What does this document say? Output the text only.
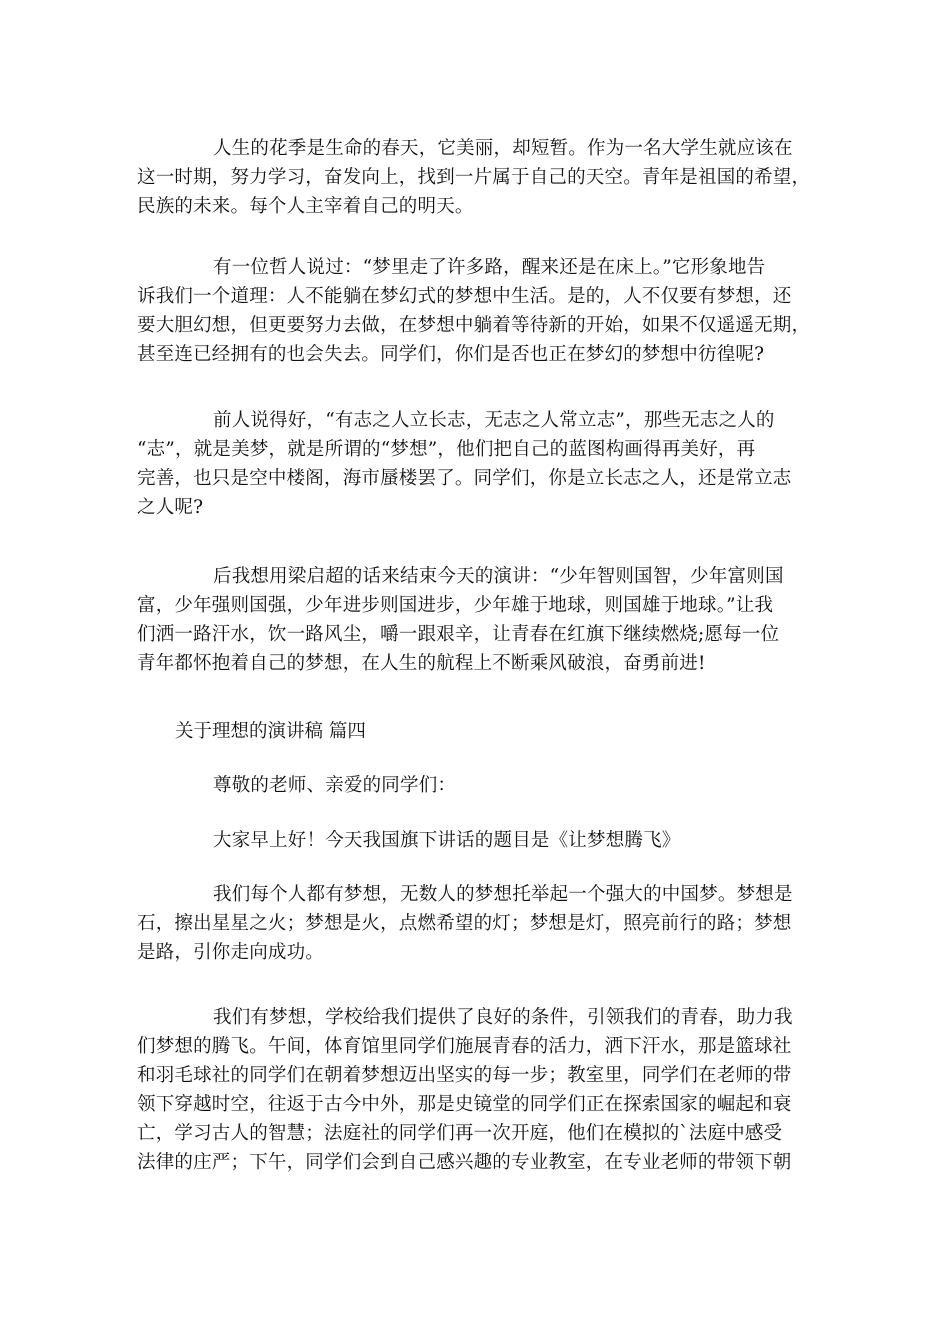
人生的花季是生命的春天，它美丽，却短暂。作为一名大学生就应该在
这一时期，努力学习，奋发向上，找到一片属于自己的天空。青年是祖国的希望，
民族的未来。每个人主宰着自己的明天。
有一位哲人说过：“梦里走了许多路，醒来还是在床上。”它形象地告
诉我们一个道理：人不能躺在梦幻式的梦想中生活。是的，人不仅要有梦想，还
要大胆幻想，但更要努力去做，在梦想中躺着等待新的开始，如果不仅遥遥无期，
甚至连已经拥有的也会失去。同学们，你们是否也正在梦幻的梦想中彷徨呢?
前人说得好，“有志之人立长志，无志之人常立志”，那些无志之人的
“志”，就是美梦，就是所谓的“梦想”，他们把自己的蓝图构画得再美好，再
完善，也只是空中楼阁，海市蜃楼罢了。同学们，你是立长志之人，还是常立志
之人呢?
后我想用梁启超的话来结束今天的演讲：“少年智则国智，少年富则国
富，少年强则国强，少年进步则国进步，少年雄于地球，则国雄于地球。”让我
们洒一路汗水，饮一路风尘，嚼一跟艰辛，让青春在红旗下继续燃烧;愿每一位
青年都怀抱着自己的梦想，在人生的航程上不断乘风破浪，奋勇前进!
关于理想的演讲稿 篇四
尊敬的老师、亲爱的同学们：
大家早上好！今天我国旗下讲话的题目是《让梦想腾飞》
我们每个人都有梦想，无数人的梦想托举起一个强大的中国梦。梦想是
石，擦出星星之火；梦想是火，点燃希望的灯；梦想是灯，照亮前行的路；梦想
是路，引你走向成功。
我们有梦想，学校给我们提供了良好的条件，引领我们的青春，助力我
们梦想的腾飞。午间，体育馆里同学们施展青春的活力，洒下汗水，那是篮球社
和羽毛球社的同学们在朝着梦想迈出坚实的每一步；教室里，同学们在老师的带
领下穿越时空，往返于古今中外，那是史镜堂的同学们正在探索国家的崛起和衰
亡，学习古人的智慧；法庭社的同学们再一次开庭，他们在模拟的`法庭中感受
法律的庄严；下午，同学们会到自己感兴趣的专业教室，在专业老师的带领下朝
